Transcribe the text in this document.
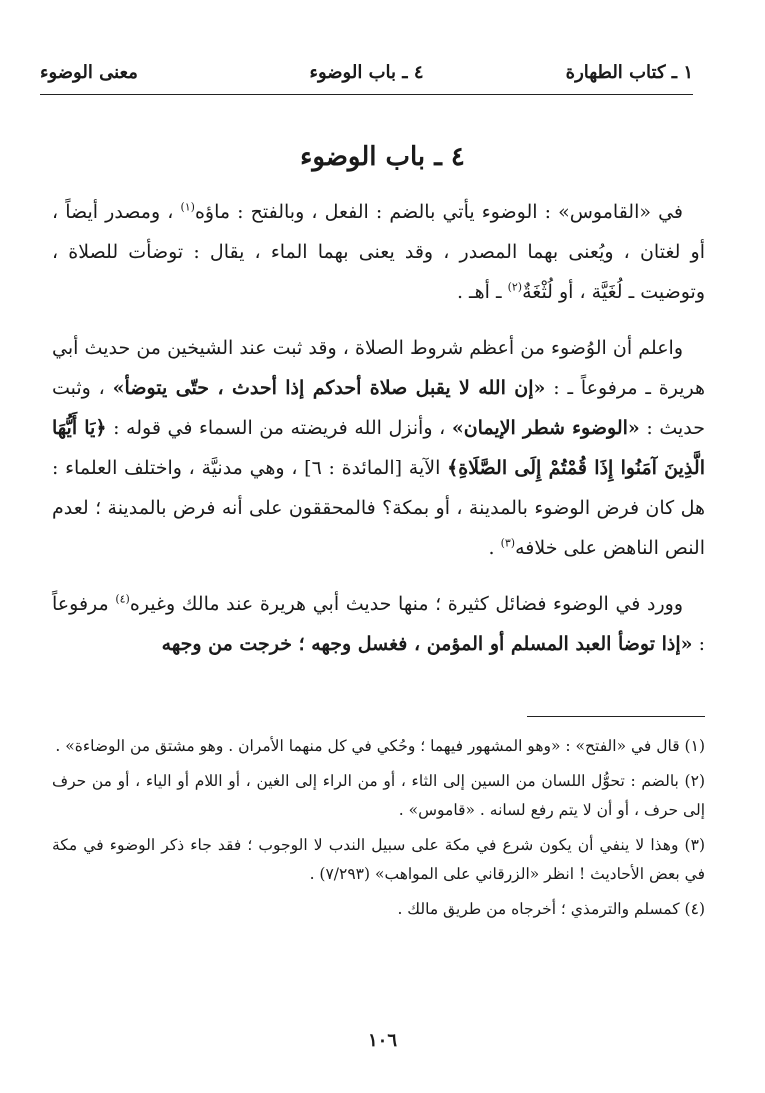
١ ـ كتاب الطهارة
٤ ـ باب الوضوء
معنى الوضوء
٤ ـ باب الوضوء

في «القاموس» : الوضوء يأتي بالضم : الفعل ، وبالفتح : ماؤه$^{(١)}$ ، ومصدر أيضاً ، أو لغتان ، ويُعنى بهما المصدر ، وقد يعنى بهما الماء ، يقال : توضأت للصلاة ، وتوضيت ـ لُغَيَّة ، أو لُثْغَةٌ$^{(٢)}$ ـ أهـ .

واعلم أن الوُضوء من أعظم شروط الصلاة ، وقد ثبت عند الشيخين من حديث أبي هريرة ـ مرفوعاً ـ : «إن الله لا يقبل صلاة أحدكم إذا أحدث ، حتّى يتوضأ» ، وثبت حديث : «الوضوء شطر الإيمان» ، وأنزل الله فريضته من السماء في قوله : ﴿يَا أَيُّهَا الَّذِينَ آمَنُوا إِذَا قُمْتُمْ إِلَى الصَّلَاةِ﴾ الآية [المائدة : ٦] ، وهي مدنيَّة ، واختلف العلماء : هل كان فرض الوضوء بالمدينة ، أو بمكة؟ فالمحققون على أنه فرض بالمدينة ؛ لعدم النص الناهض على خلافه$^{(٣)}$ .

وورد في الوضوء فضائل كثيرة ؛ منها حديث أبي هريرة عند مالك وغيره$^{(٤)}$ مرفوعاً : «إذا توضأ العبد المسلم أو المؤمن ، فغسل وجهه ؛ خرجت من وجهه

(١) قال في «الفتح» : «وهو المشهور فيهما ؛ وحُكي في كل منهما الأمران . وهو مشتق من الوضاءة» .

(٢) بالضم : تحوُّل اللسان من السين إلى الثاء ، أو من الراء إلى الغين ، أو اللام أو الياء ، أو من حرف إلى حرف ، أو أن لا يتم رفع لسانه . «قاموس» .

(٣) وهذا لا ينفي أن يكون شرع في مكة على سبيل الندب لا الوجوب ؛ فقد جاء ذكر الوضوء في مكة في بعض الأحاديث ! انظر «الزرقاني على المواهب» (٧/٢٩٣) .

(٤) كمسلم والترمذي ؛ أخرجاه من طريق مالك .

١٠٦
